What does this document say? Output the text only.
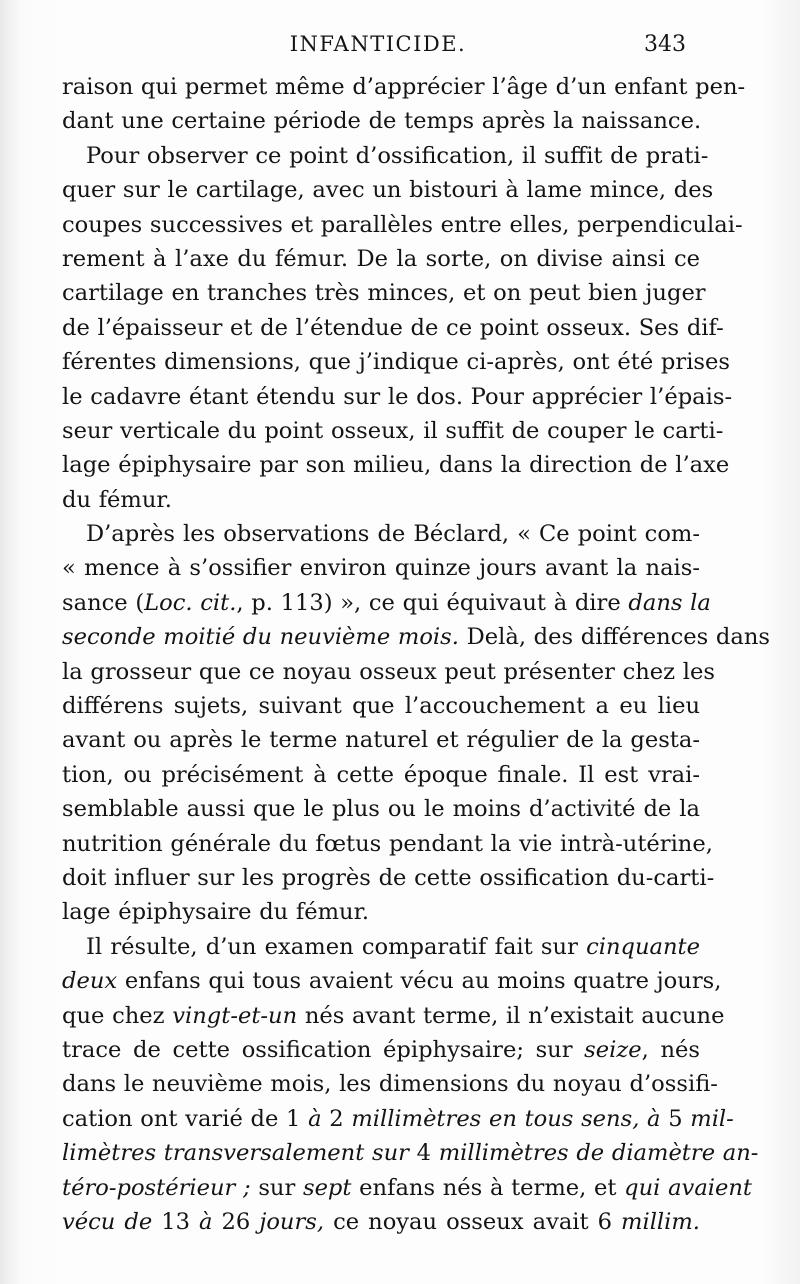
INFANTICIDE.	343
raison qui permet même d’apprécier l’âge d’un enfant pen-
dant une certaine période de temps après la naissance.
Pour observer ce point d’ossification, il suffit de prati-
quer sur le cartilage, avec un bistouri à lame mince, des
coupes successives et parallèles entre elles, perpendiculai-
rement à l’axe du fémur. De la sorte, on divise ainsi ce
cartilage en tranches très minces, et on peut bien juger
de l’épaisseur et de l’étendue de ce point osseux. Ses dif-
férentes dimensions, que j’indique ci-après, ont été prises
le cadavre étant étendu sur le dos. Pour apprécier l’épais-
seur verticale du point osseux, il suffit de couper le carti-
lage épiphysaire par son milieu, dans la direction de l’axe
du fémur.
D’après les observations de Béclard, « Ce point com-
« mence à s’ossifier environ quinze jours avant la nais-
sance (Loc. cit., p. 113) », ce qui équivaut à dire dans la
seconde moitié du neuvième mois. Delà, des différences dans
la grosseur que ce noyau osseux peut présenter chez les
différens sujets, suivant que l’accouchement a eu lieu
avant ou après le terme naturel et régulier de la gesta-
tion, ou précisément à cette époque finale. Il est vrai-
semblable aussi que le plus ou le moins d’activité de la
nutrition générale du fœtus pendant la vie intrà-utérine,
doit influer sur les progrès de cette ossification du-carti-
lage épiphysaire du fémur.
Il résulte, d’un examen comparatif fait sur cinquante
deux enfans qui tous avaient vécu au moins quatre jours,
que chez vingt-et-un nés avant terme, il n’existait aucune
trace de cette ossification épiphysaire; sur seize, nés
dans le neuvième mois, les dimensions du noyau d’ossifi-
cation ont varié de 1 à 2 millimètres en tous sens, à 5 mil-
limètres transversalement sur 4 millimètres de diamètre an-
téro-postérieur ; sur sept enfans nés à terme, et qui avaient
vécu de 13 à 26 jours, ce noyau osseux avait 6 millim.
